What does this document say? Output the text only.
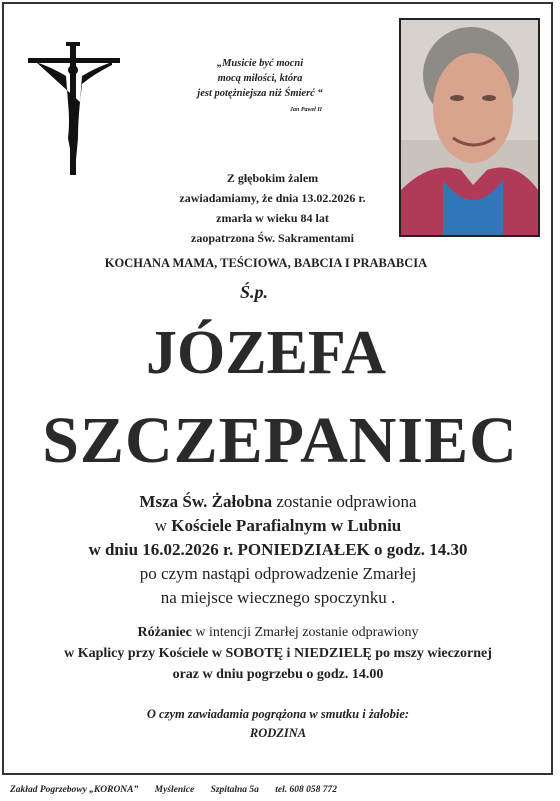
„Musicie być mocni
mocą miłości, która
jest potężniejsza niż Śmierć “
Jan Paweł II
Z głębokim żalem
zawiadamiamy, że dnia 13.02.2026 r.
zmarła w wieku 84 lat
zaopatrzona Św. Sakramentami
KOCHANA MAMA, TEŚCIOWA, BABCIA I PRABABCIA
Ś.p.
JÓZEFA
SZCZEPANIEC
Msza Św. Żałobna zostanie odprawiona
w Kościele Parafialnym w Lubniu
w dniu 16.02.2026 r. PONIEDZIAŁEK o godz. 14.30
po czym nastąpi odprowadzenie Zmarłej
na miejsce wiecznego spoczynku .
Różaniec w intencji Zmarłej zostanie odprawiony
w Kaplicy przy Kościele w SOBOTĘ i NIEDZIELĘ po mszy wieczornej
oraz w dniu pogrzebu o godz. 14.00
O czym zawiadamia pogrążona w smutku i żałobie:
RODZINA
Zakład Pogrzebowy „KORONA” Myślenice Szpitalna 5a tel. 608 058 772
